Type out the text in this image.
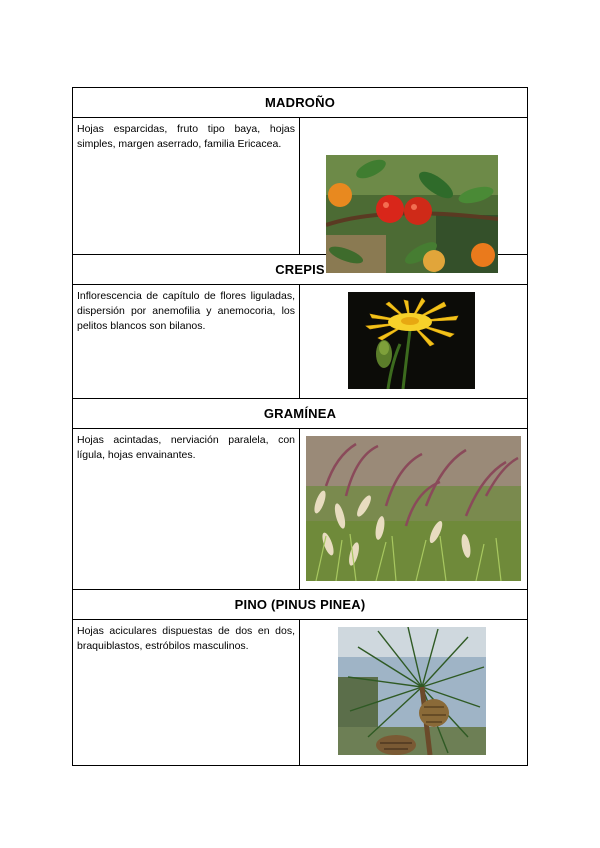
MADROÑO	
Hojas esparcidas, fruto tipo baya, hojas simples, margen aserrado, familia Ericacea.	

CREPIS	
Inflorescencia de capítulo de flores liguladas, dispersión por anemofilia y anemocoria, los pelitos blancos son bilanos.	

GRAMÍNEA	
Hojas acintadas, nerviación paralela, con lígula, hojas envainantes.	

PINO (PINUS PINEA)	
Hojas aciculares dispuestas de dos en dos, braquiblastos, estróbilos masculinos.	
